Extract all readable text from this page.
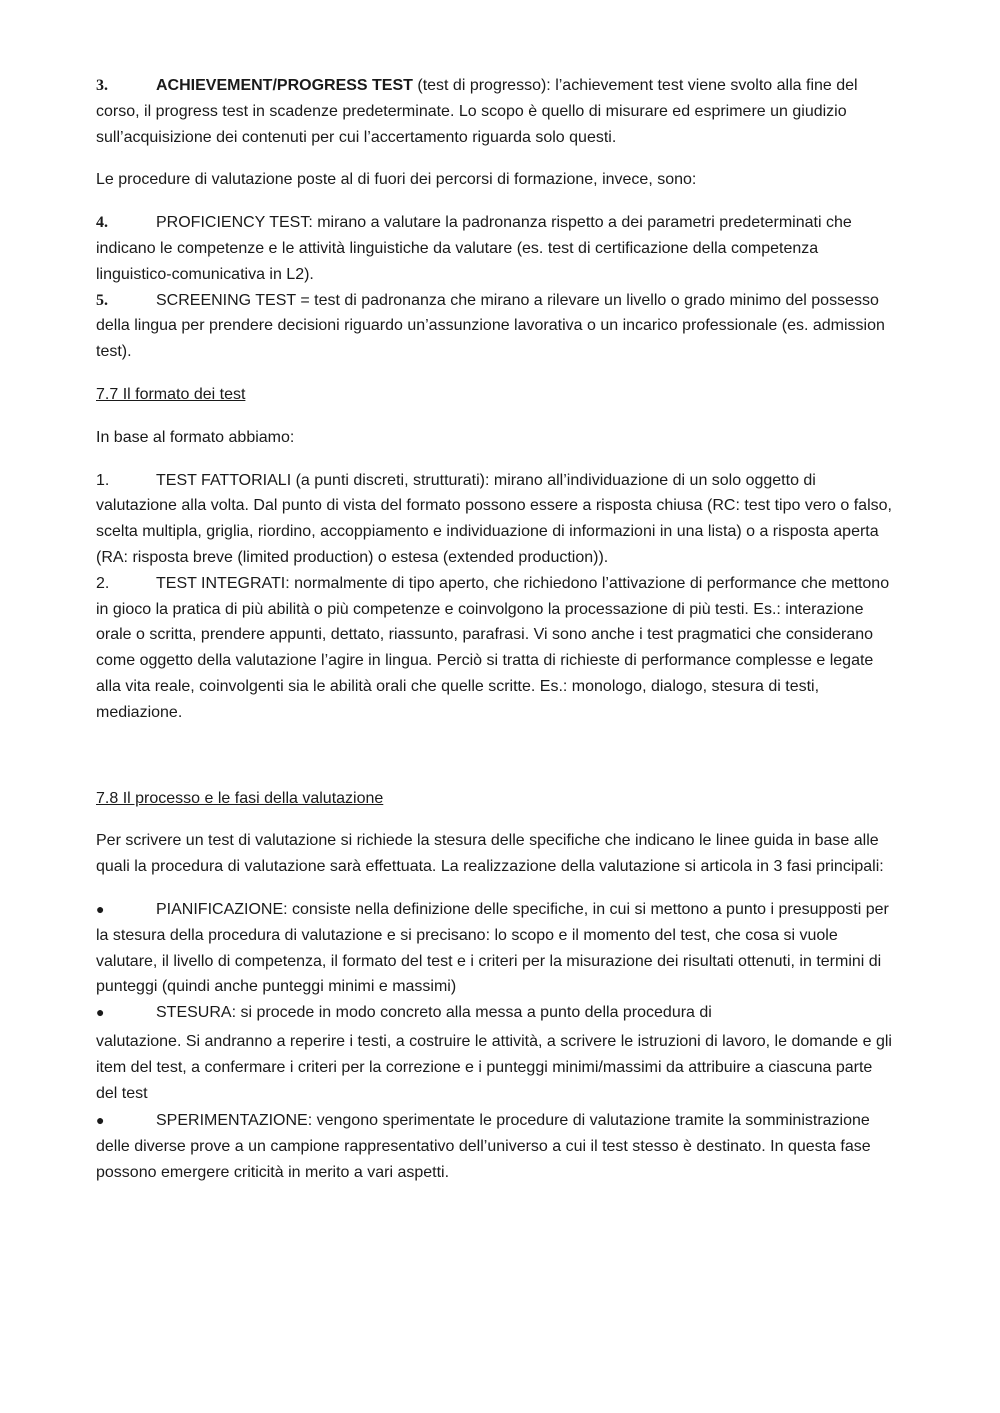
3.	ACHIEVEMENT/PROGRESS TEST (test di progresso): l’achievement test viene svolto alla fine del corso, il progress test in scadenze predeterminate. Lo scopo è quello di misurare ed esprimere un giudizio sull’acquisizione dei contenuti per cui l’accertamento riguarda solo questi.

Le procedure di valutazione poste al di fuori dei percorsi di formazione, invece, sono:

4.	PROFICIENCY TEST: mirano a valutare la padronanza rispetto a dei parametri predeterminati che indicano le competenze e le attività linguistiche da valutare (es. test di certificazione della competenza linguistico-comunicativa in L2).

5.	SCREENING TEST = test di padronanza che mirano a rilevare un livello o grado minimo del possesso della lingua per prendere decisioni riguardo un’assunzione lavorativa o un incarico professionale (es. admission test).

7.7 Il formato dei test

In base al formato abbiamo:

1.	TEST FATTORIALI (a punti discreti, strutturati): mirano all’individuazione di un solo oggetto di valutazione alla volta. Dal punto di vista del formato possono essere a risposta chiusa (RC: test tipo vero o falso, scelta multipla, griglia, riordino, accoppiamento e individuazione di informazioni in una lista) o a risposta aperta (RA: risposta breve (limited production) o estesa (extended production)).

2.	TEST INTEGRATI: normalmente di tipo aperto, che richiedono l’attivazione di performance che mettono in gioco la pratica di più abilità o più competenze e coinvolgono la processazione di più testi. Es.: interazione orale o scritta, prendere appunti, dettato, riassunto, parafrasi. Vi sono anche i test pragmatici che considerano come oggetto della valutazione l’agire in lingua. Perciò si tratta di richieste di performance complesse e legate alla vita reale, coinvolgenti sia le abilità orali che quelle scritte. Es.: monologo, dialogo, stesura di testi, mediazione.

7.8 Il processo e le fasi della valutazione

Per scrivere un test di valutazione si richiede la stesura delle specifiche che indicano le linee guida in base alle quali la procedura di valutazione sarà effettuata. La realizzazione della valutazione si articola in 3 fasi principali:

●	PIANIFICAZIONE: consiste nella definizione delle specifiche, in cui si mettono a punto i presupposti per la stesura della procedura di valutazione e si precisano: lo scopo e il momento del test, che cosa si vuole valutare, il livello di competenza, il formato del test e i criteri per la misurazione dei risultati ottenuti, in termini di punteggi (quindi anche punteggi minimi e massimi)

●	STESURA: si procede in modo concreto alla messa a punto della procedura di

valutazione. Si andranno a reperire i testi, a costruire le attività, a scrivere le istruzioni di lavoro, le domande e gli item del test, a confermare i criteri per la correzione e i punteggi minimi/massimi da attribuire a ciascuna parte del test

●	SPERIMENTAZIONE: vengono sperimentate le procedure di valutazione tramite la somministrazione delle diverse prove a un campione rappresentativo dell’universo a cui il test stesso è destinato. In questa fase possono emergere criticità in merito a vari aspetti.
